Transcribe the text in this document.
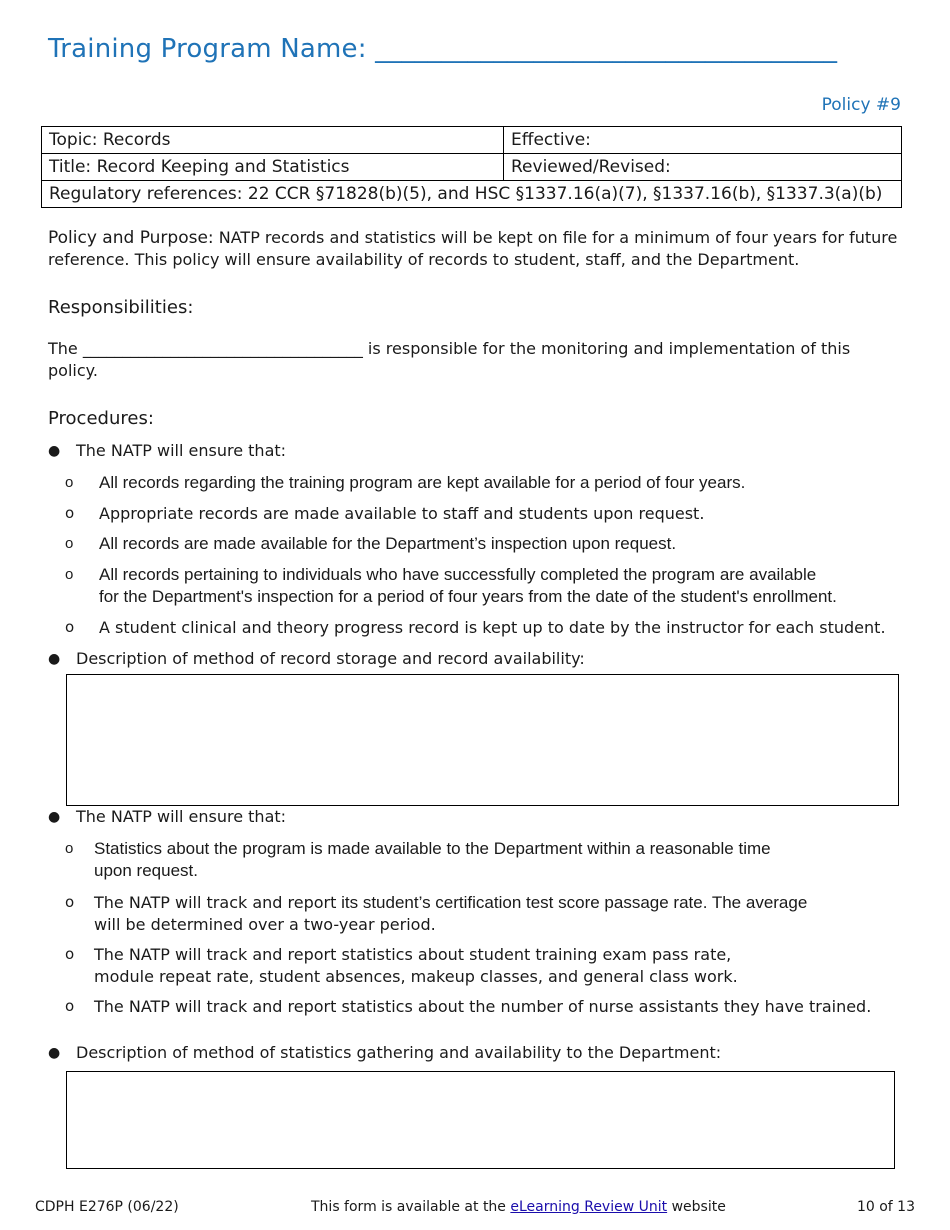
Training Program Name: ___________________________________
Policy #9
Topic: Records	Effective:
Title: Record Keeping and Statistics	Reviewed/Revised:
Regulatory references: 22 CCR §71828(b)(5), and HSC §1337.16(a)(7), §1337.16(b), §1337.3(a)(b)	
Policy and Purpose: NATP records and statistics will be kept on file for a minimum of four years for future reference. This policy will ensure availability of records to student, staff, and the Department.
Responsibilities:
The ___________________________________ is responsible for the monitoring and implementation of this policy.
Procedures:
● The NATP will ensure that:
o All records regarding the training program are kept available for a period of four years.
o Appropriate records are made available to staff and students upon request.
o All records are made available for the Department’s inspection upon request.
o All records pertaining to individuals who have successfully completed the program are available
for the Department's inspection for a period of four years from the date of the student's enrollment.
o A student clinical and theory progress record is kept up to date by the instructor for each student.
● Description of method of record storage and record availability:
● The NATP will ensure that:
o Statistics about the program is made available to the Department within a reasonable time
upon request.
o The NATP will track and report its student’s certification test score passage rate. The average
will be determined over a two-year period.
o The NATP will track and report statistics about student training exam pass rate,
module repeat rate, student absences, makeup classes, and general class work.
o The NATP will track and report statistics about the number of nurse assistants they have trained.
● Description of method of statistics gathering and availability to the Department:
CDPH E276P (06/22)	This form is available at the eLearning Review Unit website	10 of 13
